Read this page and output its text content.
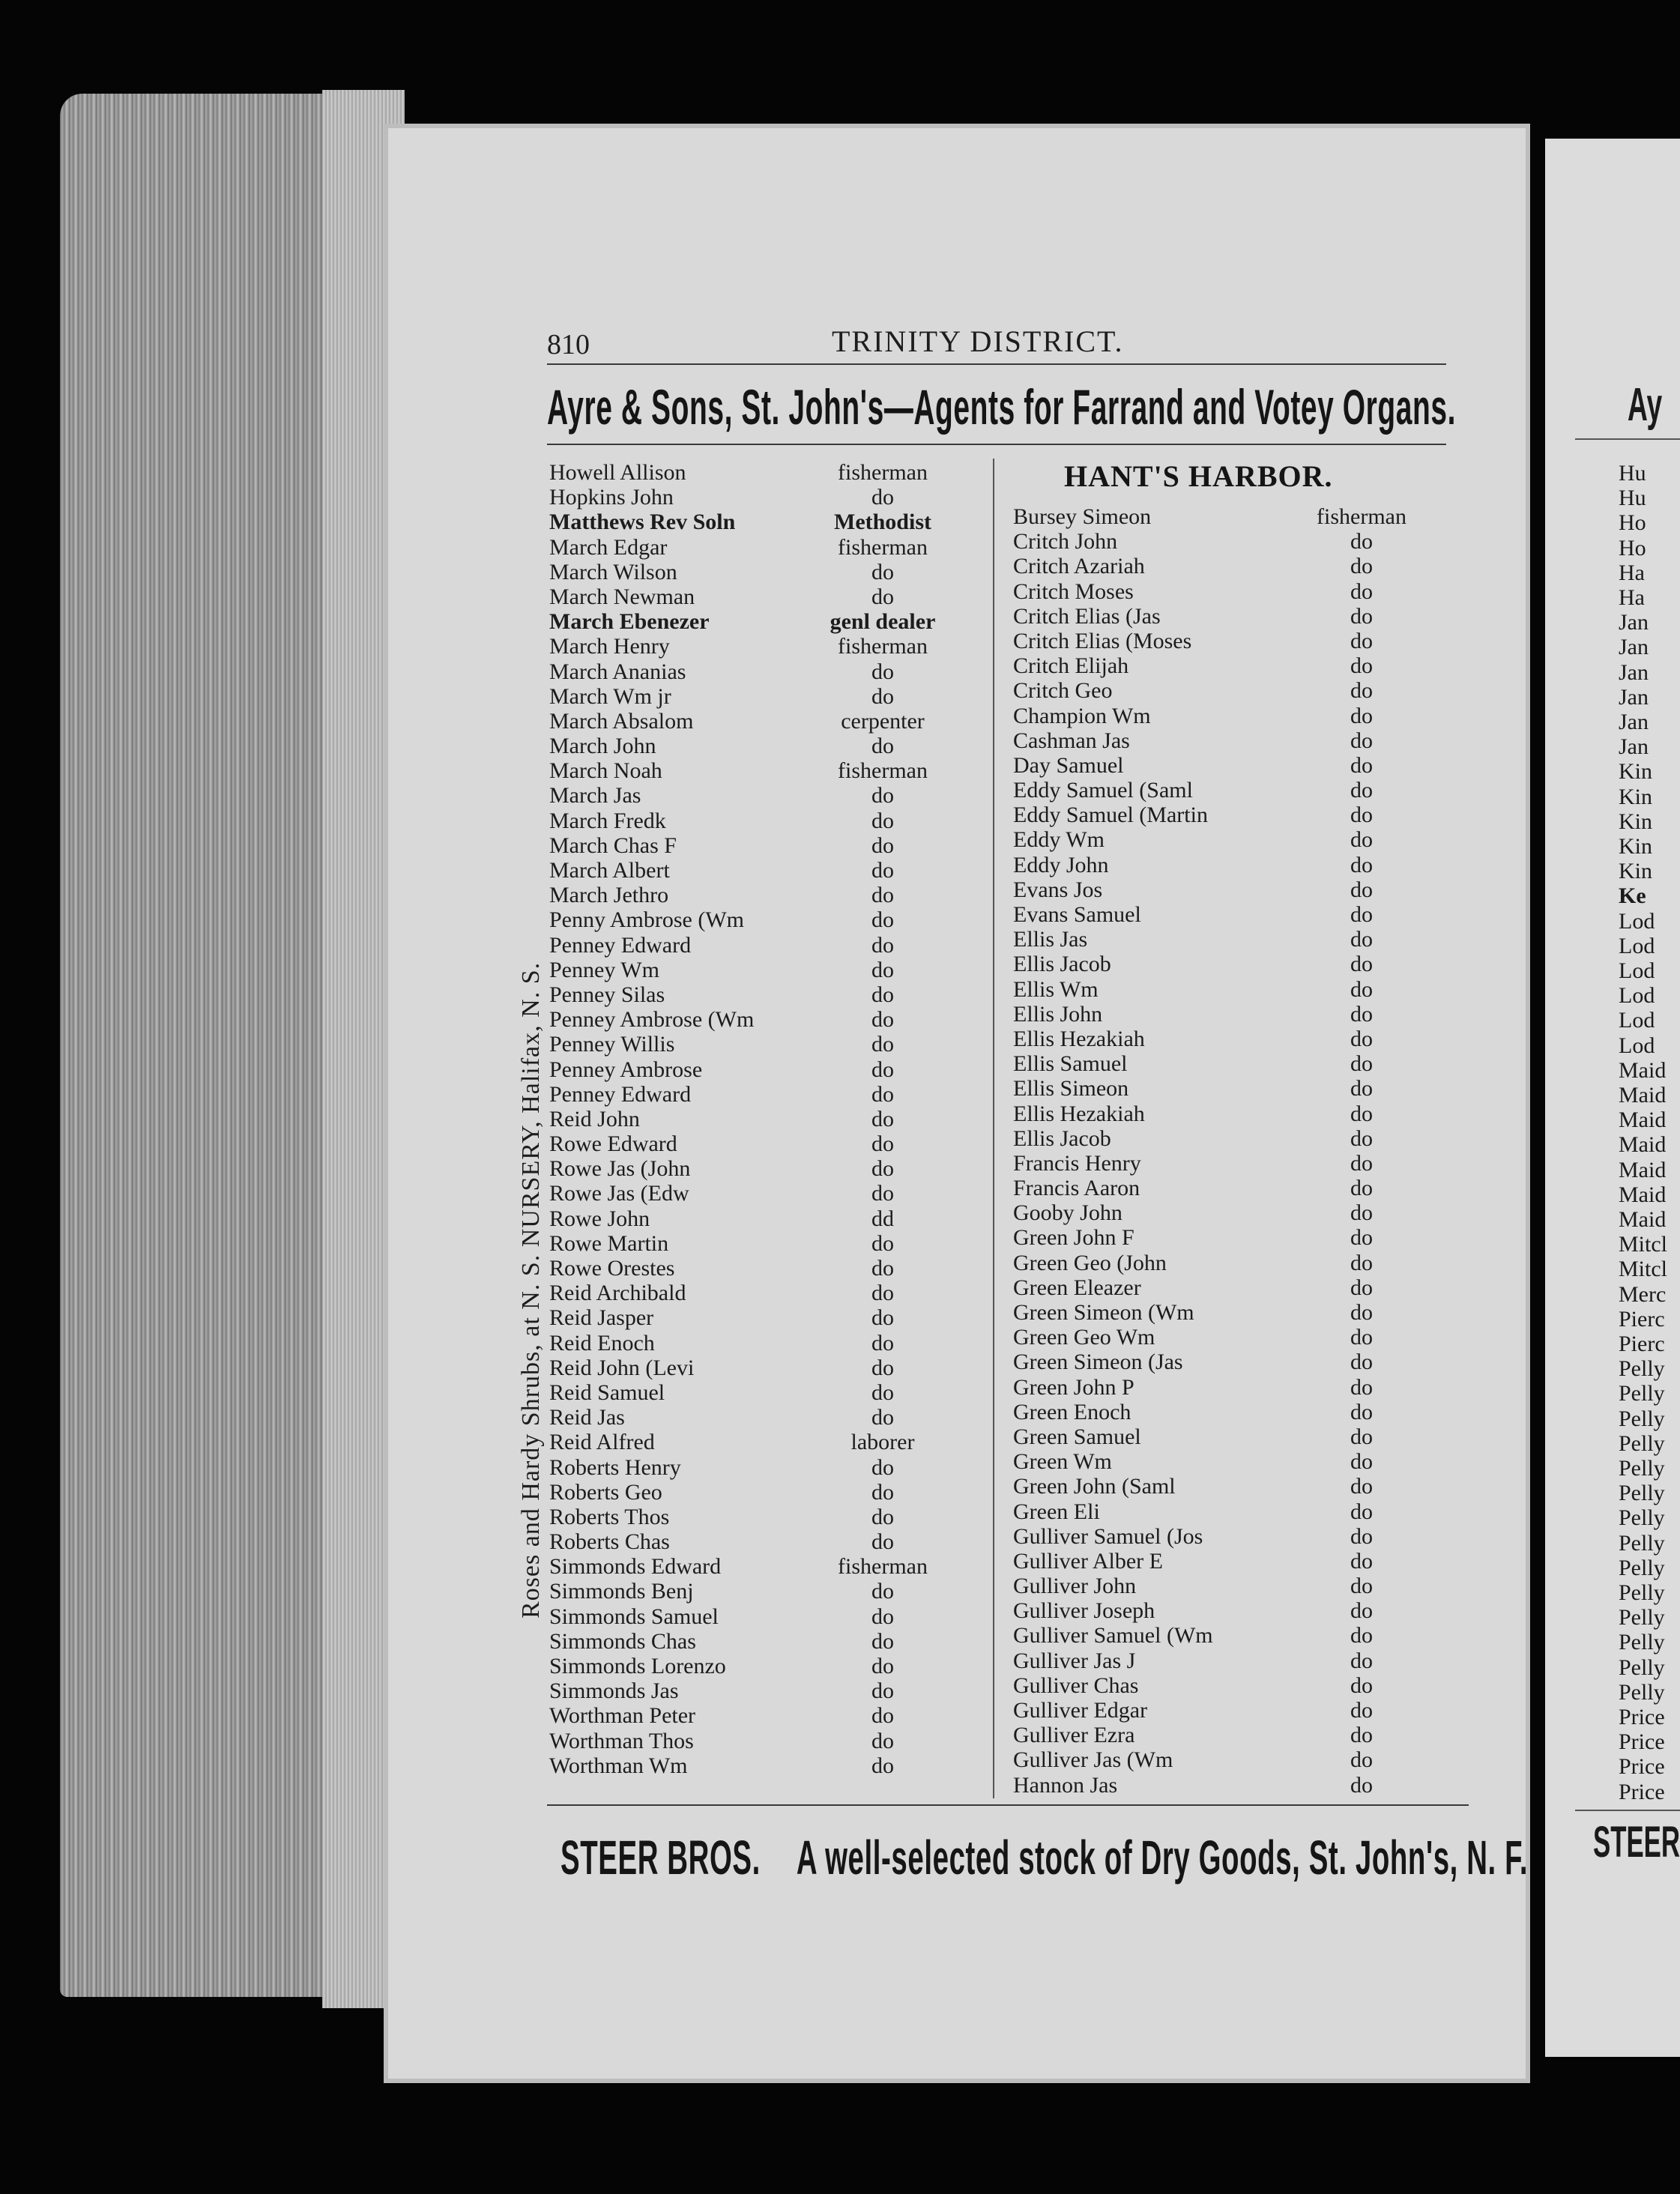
Ay
Hu
Hu
Ho
Ho
Ha
Ha
Jan
Jan
Jan
Jan
Jan
Jan
Kin
Kin
Kin
Kin
Kin
Ke
Lod
Lod
Lod
Lod
Lod
Lod
Maid
Maid
Maid
Maid
Maid
Maid
Maid
Mitcl
Mitcl
Merc
Pierc
Pierc
Pelly
Pelly
Pelly
Pelly
Pelly
Pelly
Pelly
Pelly
Pelly
Pelly
Pelly
Pelly
Pelly
Pelly
Price
Price
Price
Price
STEER
810	TRINITY DISTRICT.
Ayre & Sons, St. John's—Agents for Farrand and Votey Organs.
Roses and Hardy Shrubs, at N. S. NURSERY, Halifax, N. S.
HANT'S HARBOR.
Howell Allison	fisherman
Hopkins John	do
Matthews Rev Soln	Methodist
March Edgar	fisherman
March Wilson	do
March Newman	do
March Ebenezer	genl dealer
March Henry	fisherman
March Ananias	do
March Wm jr	do
March Absalom	cerpenter
March John	do
March Noah	fisherman
March Jas	do
March Fredk	do
March Chas F	do
March Albert	do
March Jethro	do
Penny Ambrose (Wm	do
Penney Edward	do
Penney Wm	do
Penney Silas	do
Penney Ambrose (Wm	do
Penney Willis	do
Penney Ambrose	do
Penney Edward	do
Reid John	do
Rowe Edward	do
Rowe Jas (John	do
Rowe Jas (Edw	do
Rowe John	dd
Rowe Martin	do
Rowe Orestes	do
Reid Archibald	do
Reid Jasper	do
Reid Enoch	do
Reid John (Levi	do
Reid Samuel	do
Reid Jas	do
Reid Alfred	laborer
Roberts Henry	do
Roberts Geo	do
Roberts Thos	do
Roberts Chas	do
Simmonds Edward	fisherman
Simmonds Benj	do
Simmonds Samuel	do
Simmonds Chas	do
Simmonds Lorenzo	do
Simmonds Jas	do
Worthman Peter	do
Worthman Thos	do
Worthman Wm	do
Bursey Simeon	fisherman
Critch John	do
Critch Azariah	do
Critch Moses	do
Critch Elias (Jas	do
Critch Elias (Moses	do
Critch Elijah	do
Critch Geo	do
Champion Wm	do
Cashman Jas	do
Day Samuel	do
Eddy Samuel (Saml	do
Eddy Samuel (Martin	do
Eddy Wm	do
Eddy John	do
Evans Jos	do
Evans Samuel	do
Ellis Jas	do
Ellis Jacob	do
Ellis Wm	do
Ellis John	do
Ellis Hezakiah	do
Ellis Samuel	do
Ellis Simeon	do
Ellis Hezakiah	do
Ellis Jacob	do
Francis Henry	do
Francis Aaron	do
Gooby John	do
Green John F	do
Green Geo (John	do
Green Eleazer	do
Green Simeon (Wm	do
Green Geo Wm	do
Green Simeon (Jas	do
Green John P	do
Green Enoch	do
Green Samuel	do
Green Wm	do
Green John (Saml	do
Green Eli	do
Gulliver Samuel (Jos	do
Gulliver Alber E	do
Gulliver John	do
Gulliver Joseph	do
Gulliver Samuel (Wm	do
Gulliver Jas J	do
Gulliver Chas	do
Gulliver Edgar	do
Gulliver Ezra	do
Gulliver Jas (Wm	do
Hannon Jas	do
STEER BROS. A well-selected stock of Dry Goods, St. John's, N. F.
